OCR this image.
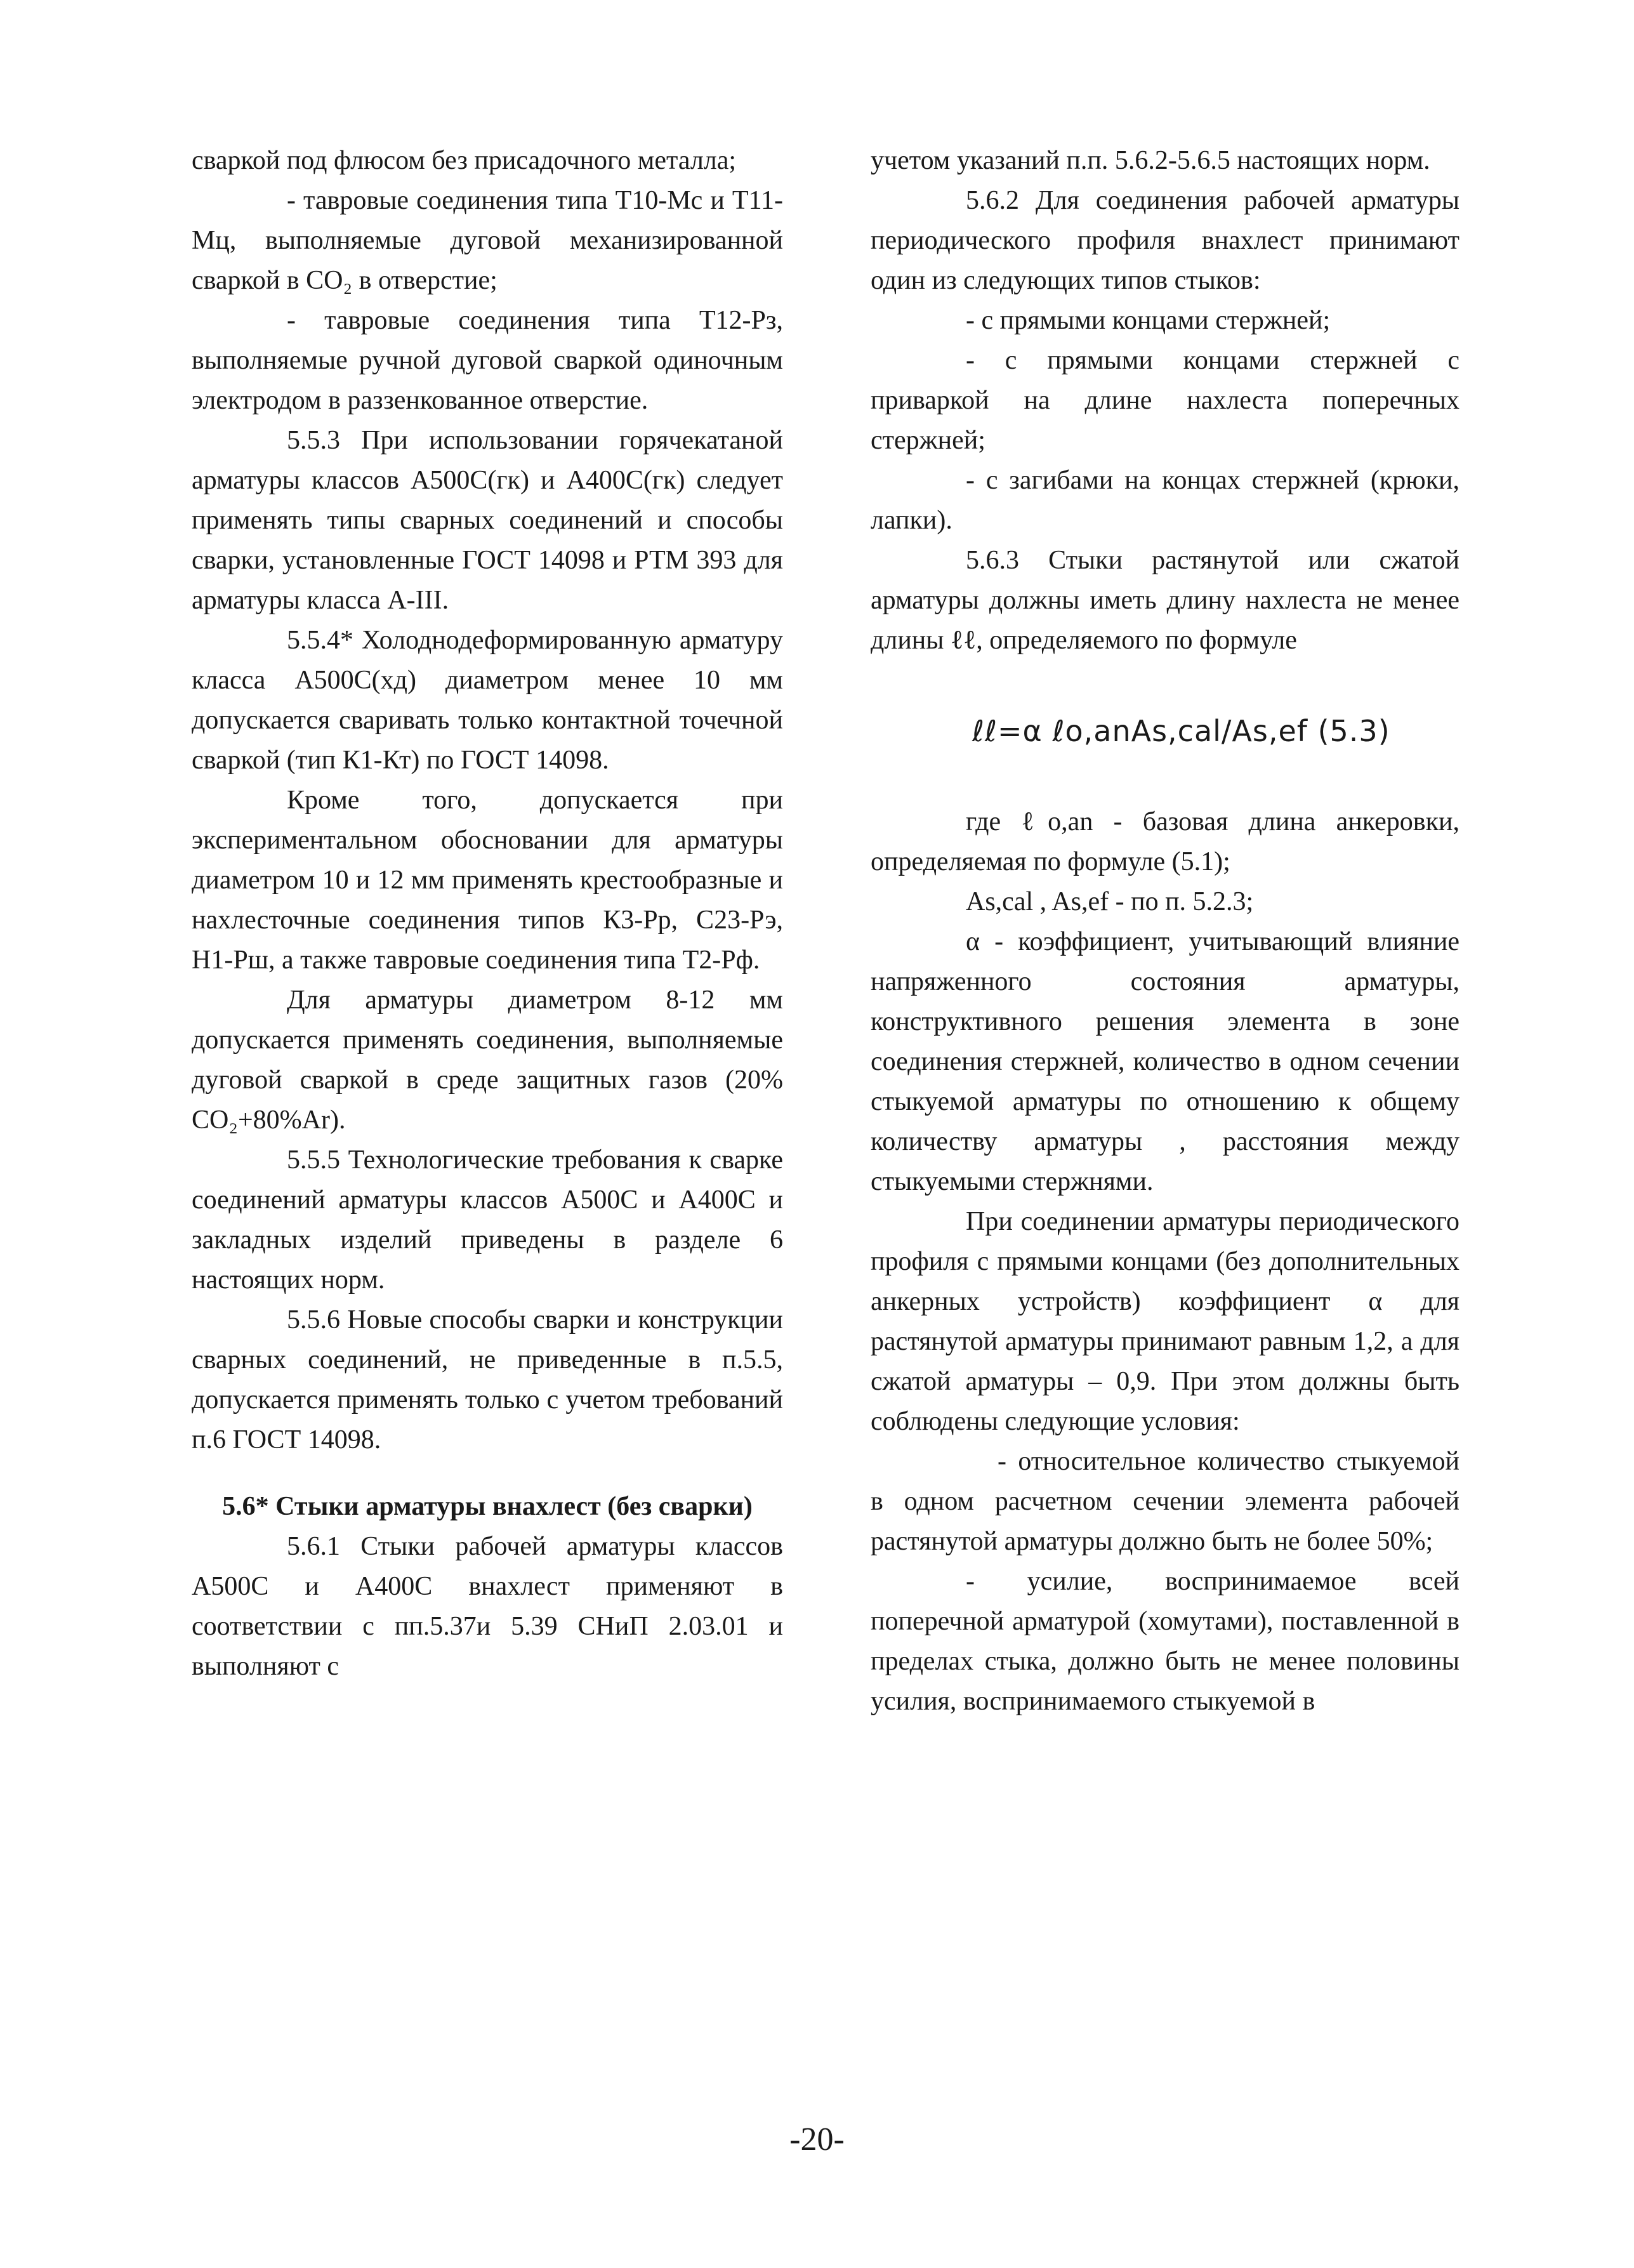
сваркой под флюсом без присадочного металла;

- тавровые соединения типа Т10-Мс и Т11-Мц, выполняемые дуговой механизированной сваркой в СО₂ в отверстие;

- тавровые соединения типа Т12-Рз, выполняемые ручной дуговой сваркой одиночным электродом в раззенкованное отверстие.

5.5.3 При использовании горячекатаной арматуры классов А500С(гк) и А400С(гк) следует применять типы сварных соединений и способы сварки, установленные ГОСТ 14098 и РТМ 393 для арматуры класса А-III.

5.5.4* Холоднодеформированную арматуру класса А500С(хд) диаметром менее 10 мм допускается сваривать только контактной точечной сваркой (тип К1-Кт) по ГОСТ 14098.

Кроме того, допускается при экспериментальном обосновании для арматуры диаметром 10 и 12 мм применять крестообразные и нахлесточные соединения типов К3-Рр, С23-Рэ, Н1-Рш, а также тавровые соединения типа Т2-Рф.

Для арматуры диаметром 8-12 мм допускается применять соединения, выполняемые дуговой сваркой в среде защитных газов (20% СО₂+80%Ar).

5.5.5 Технологические требования к сварке соединений арматуры классов А500С и А400С и закладных изделий приведены в разделе 6 настоящих норм.

5.5.6 Новые способы сварки и конструкции сварных соединений, не приведенные в п.5.5, допускается применять только с учетом требований п.6 ГОСТ 14098.

5.6* Стыки арматуры внахлест (без сварки)

5.6.1 Стыки рабочей арматуры классов А500С и А400С внахлест применяют в соответствии с пп.5.37и 5.39 СНиП 2.03.01 и выполняют с

учетом указаний п.п. 5.6.2-5.6.5 настоящих норм.

5.6.2 Для соединения рабочей арматуры периодического профиля внахлест принимают один из следующих типов стыков:

- с прямыми концами стержней;

- с прямыми концами стержней с приваркой на длине нахлеста поперечных стержней;

- с загибами на концах стержней (крюки, лапки).

5.6.3 Стыки растянутой или сжатой арматуры должны иметь длину нахлеста не менее длины ℓℓ, определяемого по формуле

ℓℓ=α ℓo,anAs,cal/As,ef (5.3)

где ℓo,an - базовая длина анкеровки, определяемая по формуле (5.1);

As,cal , As,ef - по п. 5.2.3;

α - коэффициент, учитывающий влияние напряженного состояния арматуры, конструктивного решения элемента в зоне соединения стержней, количество в одном сечении стыкуемой арматуры по отношению к общему количеству арматуры , расстояния между стыкуемыми стержнями.

При соединении арматуры периодического профиля с прямыми концами (без дополнительных анкерных устройств) коэффициент α для растянутой арматуры принимают равным 1,2, а для сжатой арматуры – 0,9. При этом должны быть соблюдены следующие условия:

- относительное количество стыкуемой в одном расчетном сечении элемента рабочей растянутой арматуры должно быть не более 50%;

- усилие, воспринимаемое всей поперечной арматурой (хомутами), поставленной в пределах стыка, должно быть не менее половины усилия, воспринимаемого стыкуемой в

-20-
